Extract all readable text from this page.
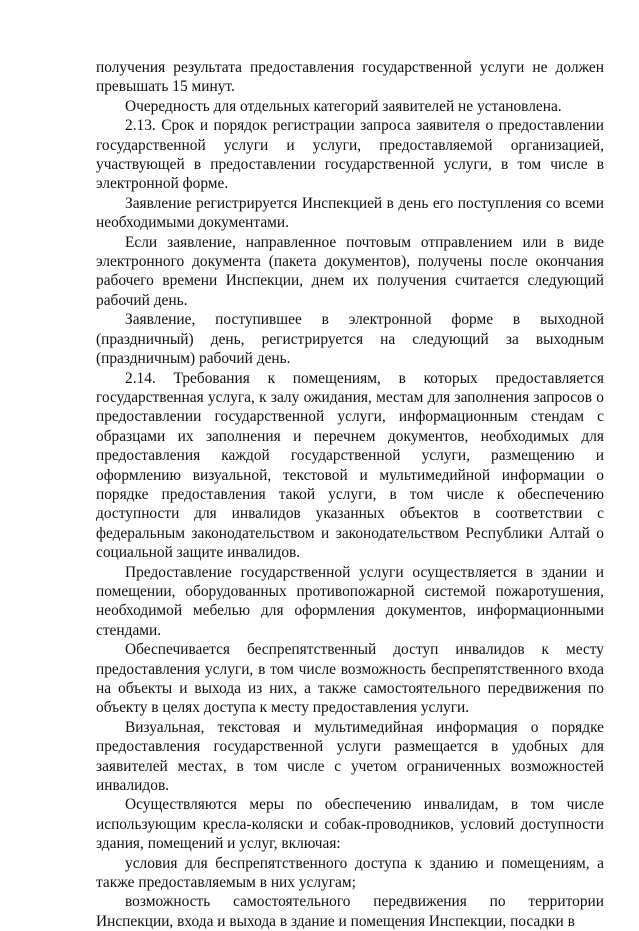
получения результата предоставления государственной услуги не должен превышать 15 минут.

Очередность для отдельных категорий заявителей не установлена.

2.13. Срок и порядок регистрации запроса заявителя о предоставлении государственной услуги и услуги, предоставляемой организацией, участвующей в предоставлении государственной услуги, в том числе в электронной форме.

Заявление регистрируется Инспекцией в день его поступления со всеми необходимыми документами.

Если заявление, направленное почтовым отправлением или в виде электронного документа (пакета документов), получены после окончания рабочего времени Инспекции, днем их получения считается следующий рабочий день.

Заявление, поступившее в электронной форме в выходной (праздничный) день, регистрируется на следующий за выходным (праздничным) рабочий день.

2.14. Требования к помещениям, в которых предоставляется государственная услуга, к залу ожидания, местам для заполнения запросов о предоставлении государственной услуги, информационным стендам с образцами их заполнения и перечнем документов, необходимых для предоставления каждой государственной услуги, размещению и оформлению визуальной, текстовой и мультимедийной информации о порядке предоставления такой услуги, в том числе к обеспечению доступности для инвалидов указанных объектов в соответствии с федеральным законодательством и законодательством Республики Алтай о социальной защите инвалидов.

Предоставление государственной услуги осуществляется в здании и помещении, оборудованных противопожарной системой пожаротушения, необходимой мебелью для оформления документов, информационными стендами.

Обеспечивается беспрепятственный доступ инвалидов к месту предоставления услуги, в том числе возможность беспрепятственного входа на объекты и выхода из них, а также самостоятельного передвижения по объекту в целях доступа к месту предоставления услуги.

Визуальная, текстовая и мультимедийная информация о порядке предоставления государственной услуги размещается в удобных для заявителей местах, в том числе с учетом ограниченных возможностей инвалидов.

Осуществляются меры по обеспечению инвалидам, в том числе использующим кресла-коляски и собак-проводников, условий доступности здания, помещений и услуг, включая:

условия для беспрепятственного доступа к зданию и помещениям, а также предоставляемым в них услугам;

возможность самостоятельного передвижения по территории Инспекции, входа и выхода в здание и помещения Инспекции, посадки в
